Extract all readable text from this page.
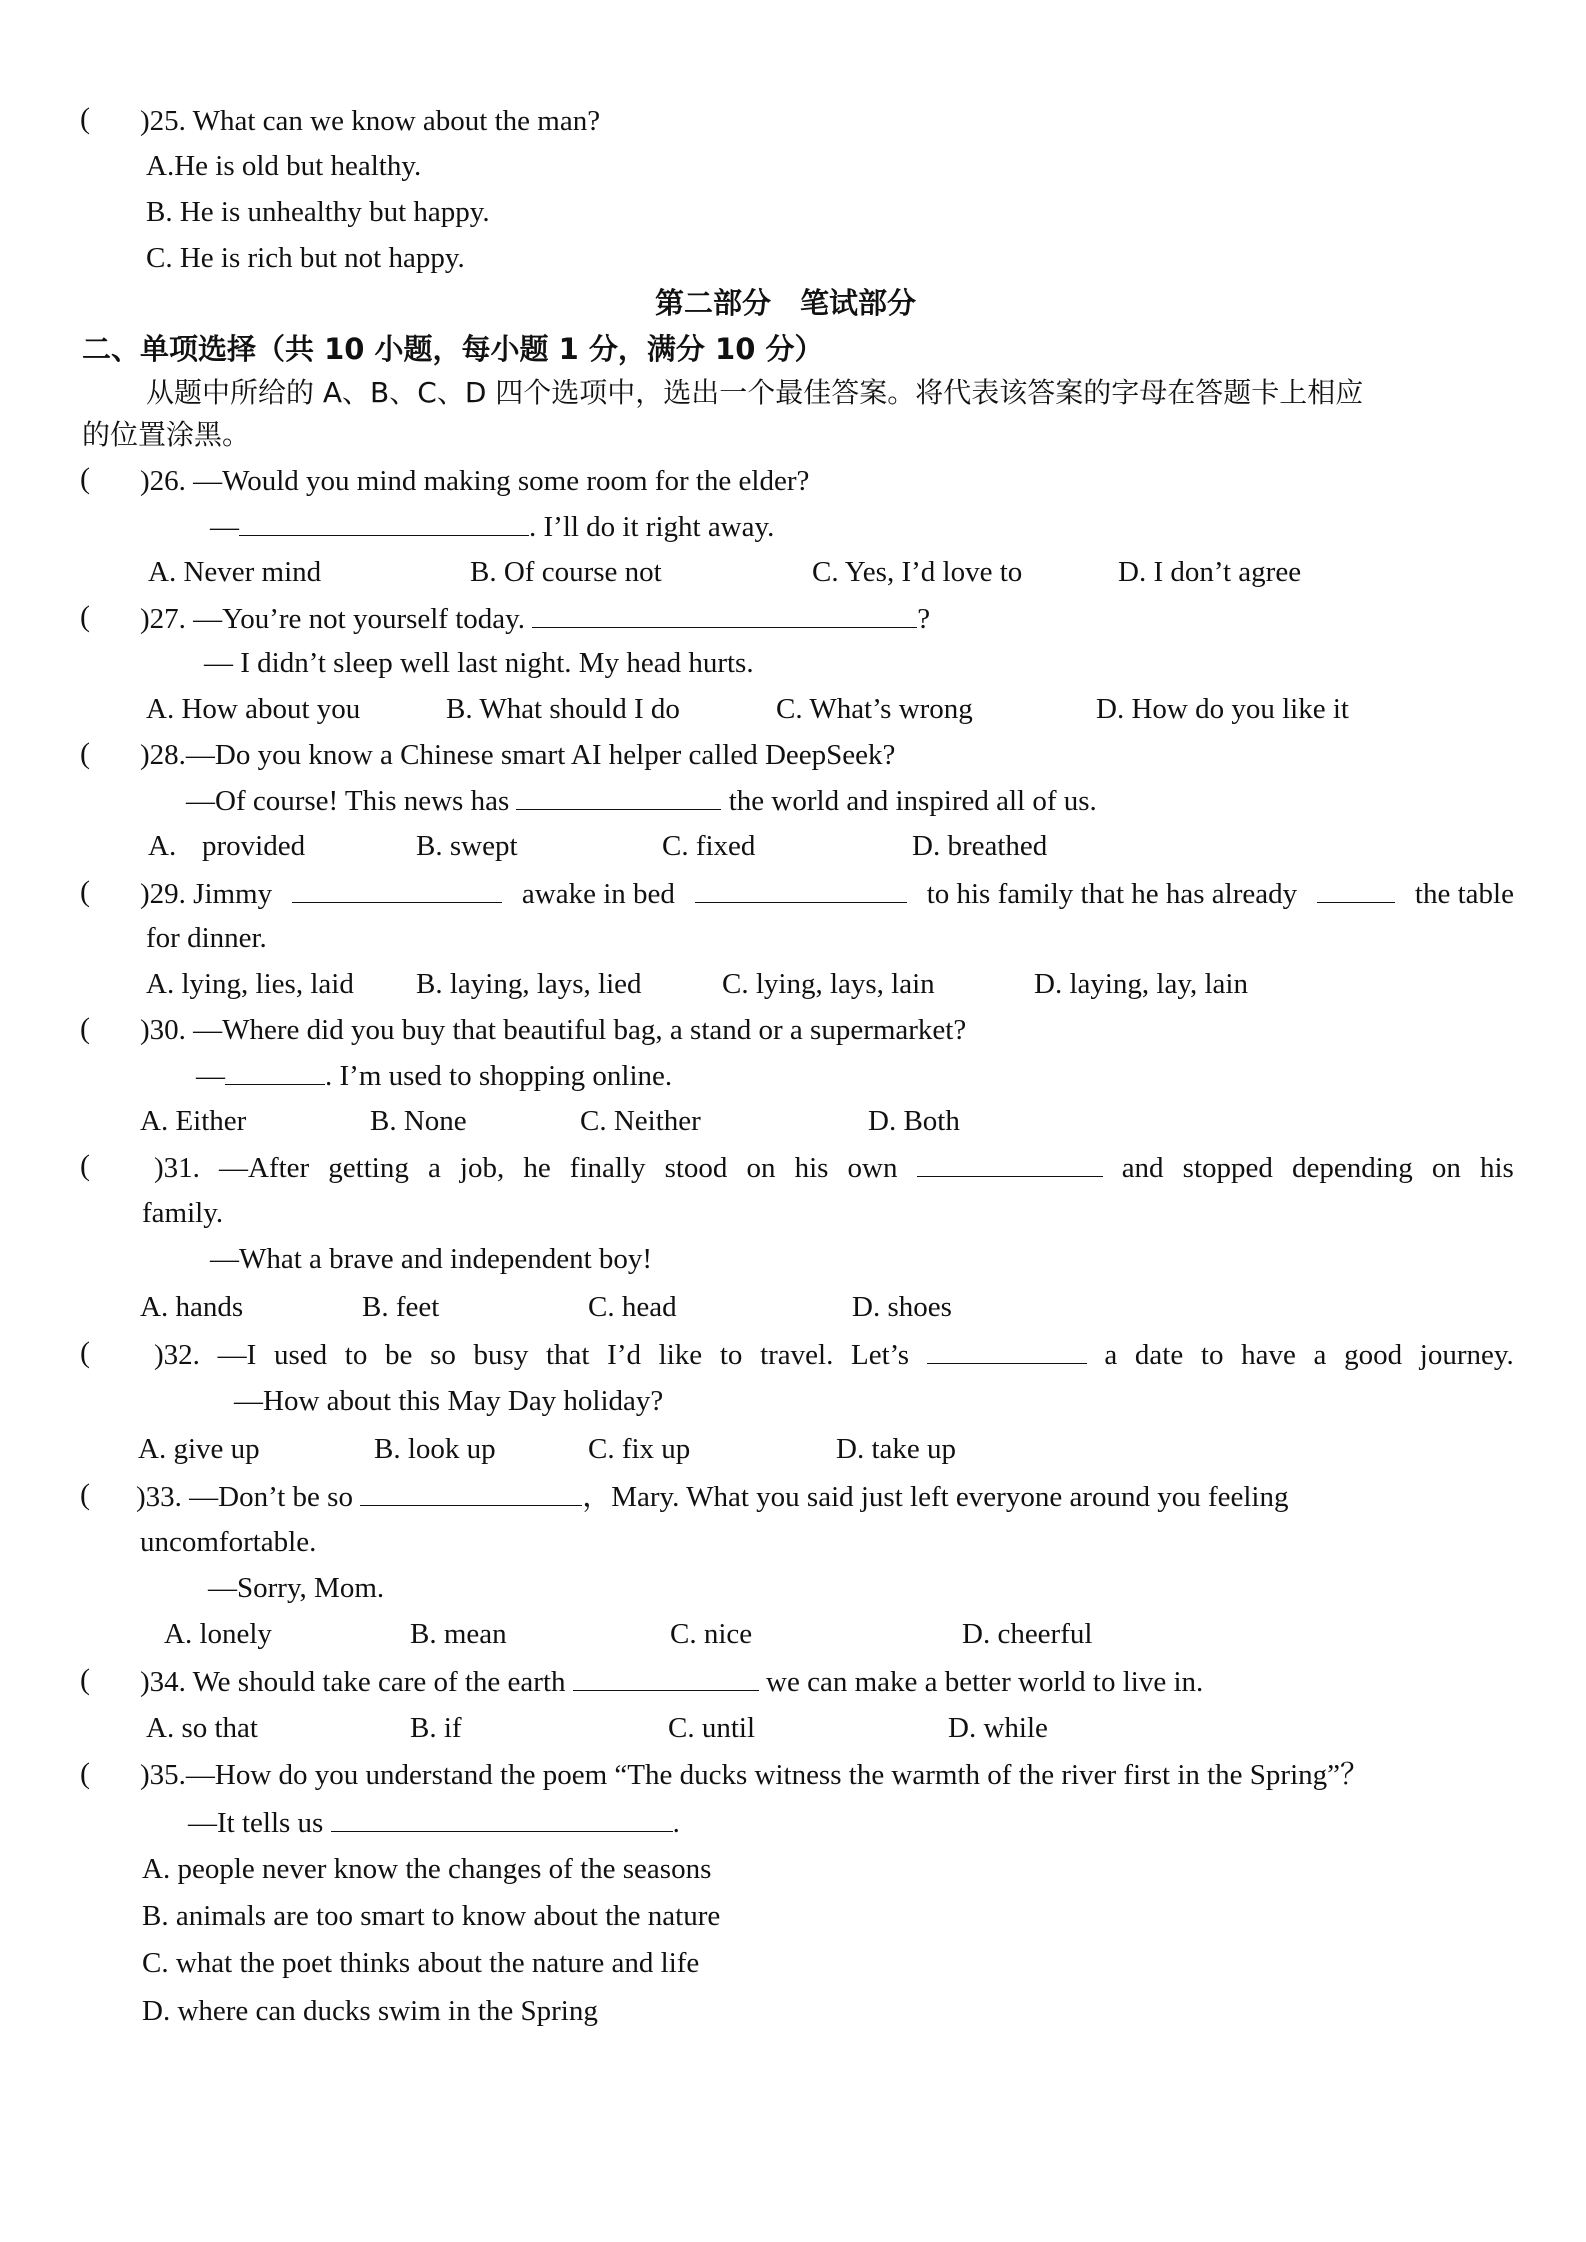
( )25. What can we know about the man?
A.He is old but healthy.
B. He is unhealthy but happy.
C. He is rich but not happy.
第二部分　笔试部分
二、单项选择（共 10 小题，每小题 1 分，满分 10 分）
从题中所给的 A、B、C、D 四个选项中，选出一个最佳答案。将代表该答案的字母在答题卡上相应
的位置涂黑。
( )26. —Would you mind making some room for the elder?
—	. I’ll do it right away.
A. Never mind	B. Of course not	C. Yes, I’d love to	D. I don’t agree
( )27. —You’re not yourself today.	?
— I didn’t sleep well last night. My head hurts.
A. How about you	B. What should I do	C. What’s wrong	D. How do you like it
( )28.—Do you know a Chinese smart AI helper called DeepSeek?
—Of course! This news has	the world and inspired all of us.
A. provided	B. swept	C. fixed	D. breathed
( )29. Jimmy	awake in bed	to his family that he has already	the table
for dinner.
A. lying, lies, laid B. laying, lays, lied	C. lying, lays, lain	D. laying, lay, lain
( )30. —Where did you buy that beautiful bag, a stand or a supermarket?
—	. I’m used to shopping online.
A. Either	B. None	C. Neither	D. Both
( )31. —After getting a job, he finally stood on his own	and stopped depending on his
family.
—What a brave and independent boy!
A. hands	B. feet	C. head	D. shoes
( )32. —I used to be so busy that I’d like to travel. Let’s	a date to have a good journey.
—How about this May Day holiday?
A. give up	B. look up	C. fix up	D. take up
( )33. —Don’t be so	，Mary. What you said just left everyone around you feeling
uncomfortable.
—Sorry, Mom.
A. lonely	B. mean	C. nice	D. cheerful
( )34. We should take care of the earth	we can make a better world to live in.
A. so that	B. if	C. until	D. while
( )35.—How do you understand the poem “The ducks witness the warmth of the river first in the Spring”？
—It tells us	.
A. people never know the changes of the seasons
B. animals are too smart to know about the nature
C. what the poet thinks about the nature and life
D. where can ducks swim in the Spring
